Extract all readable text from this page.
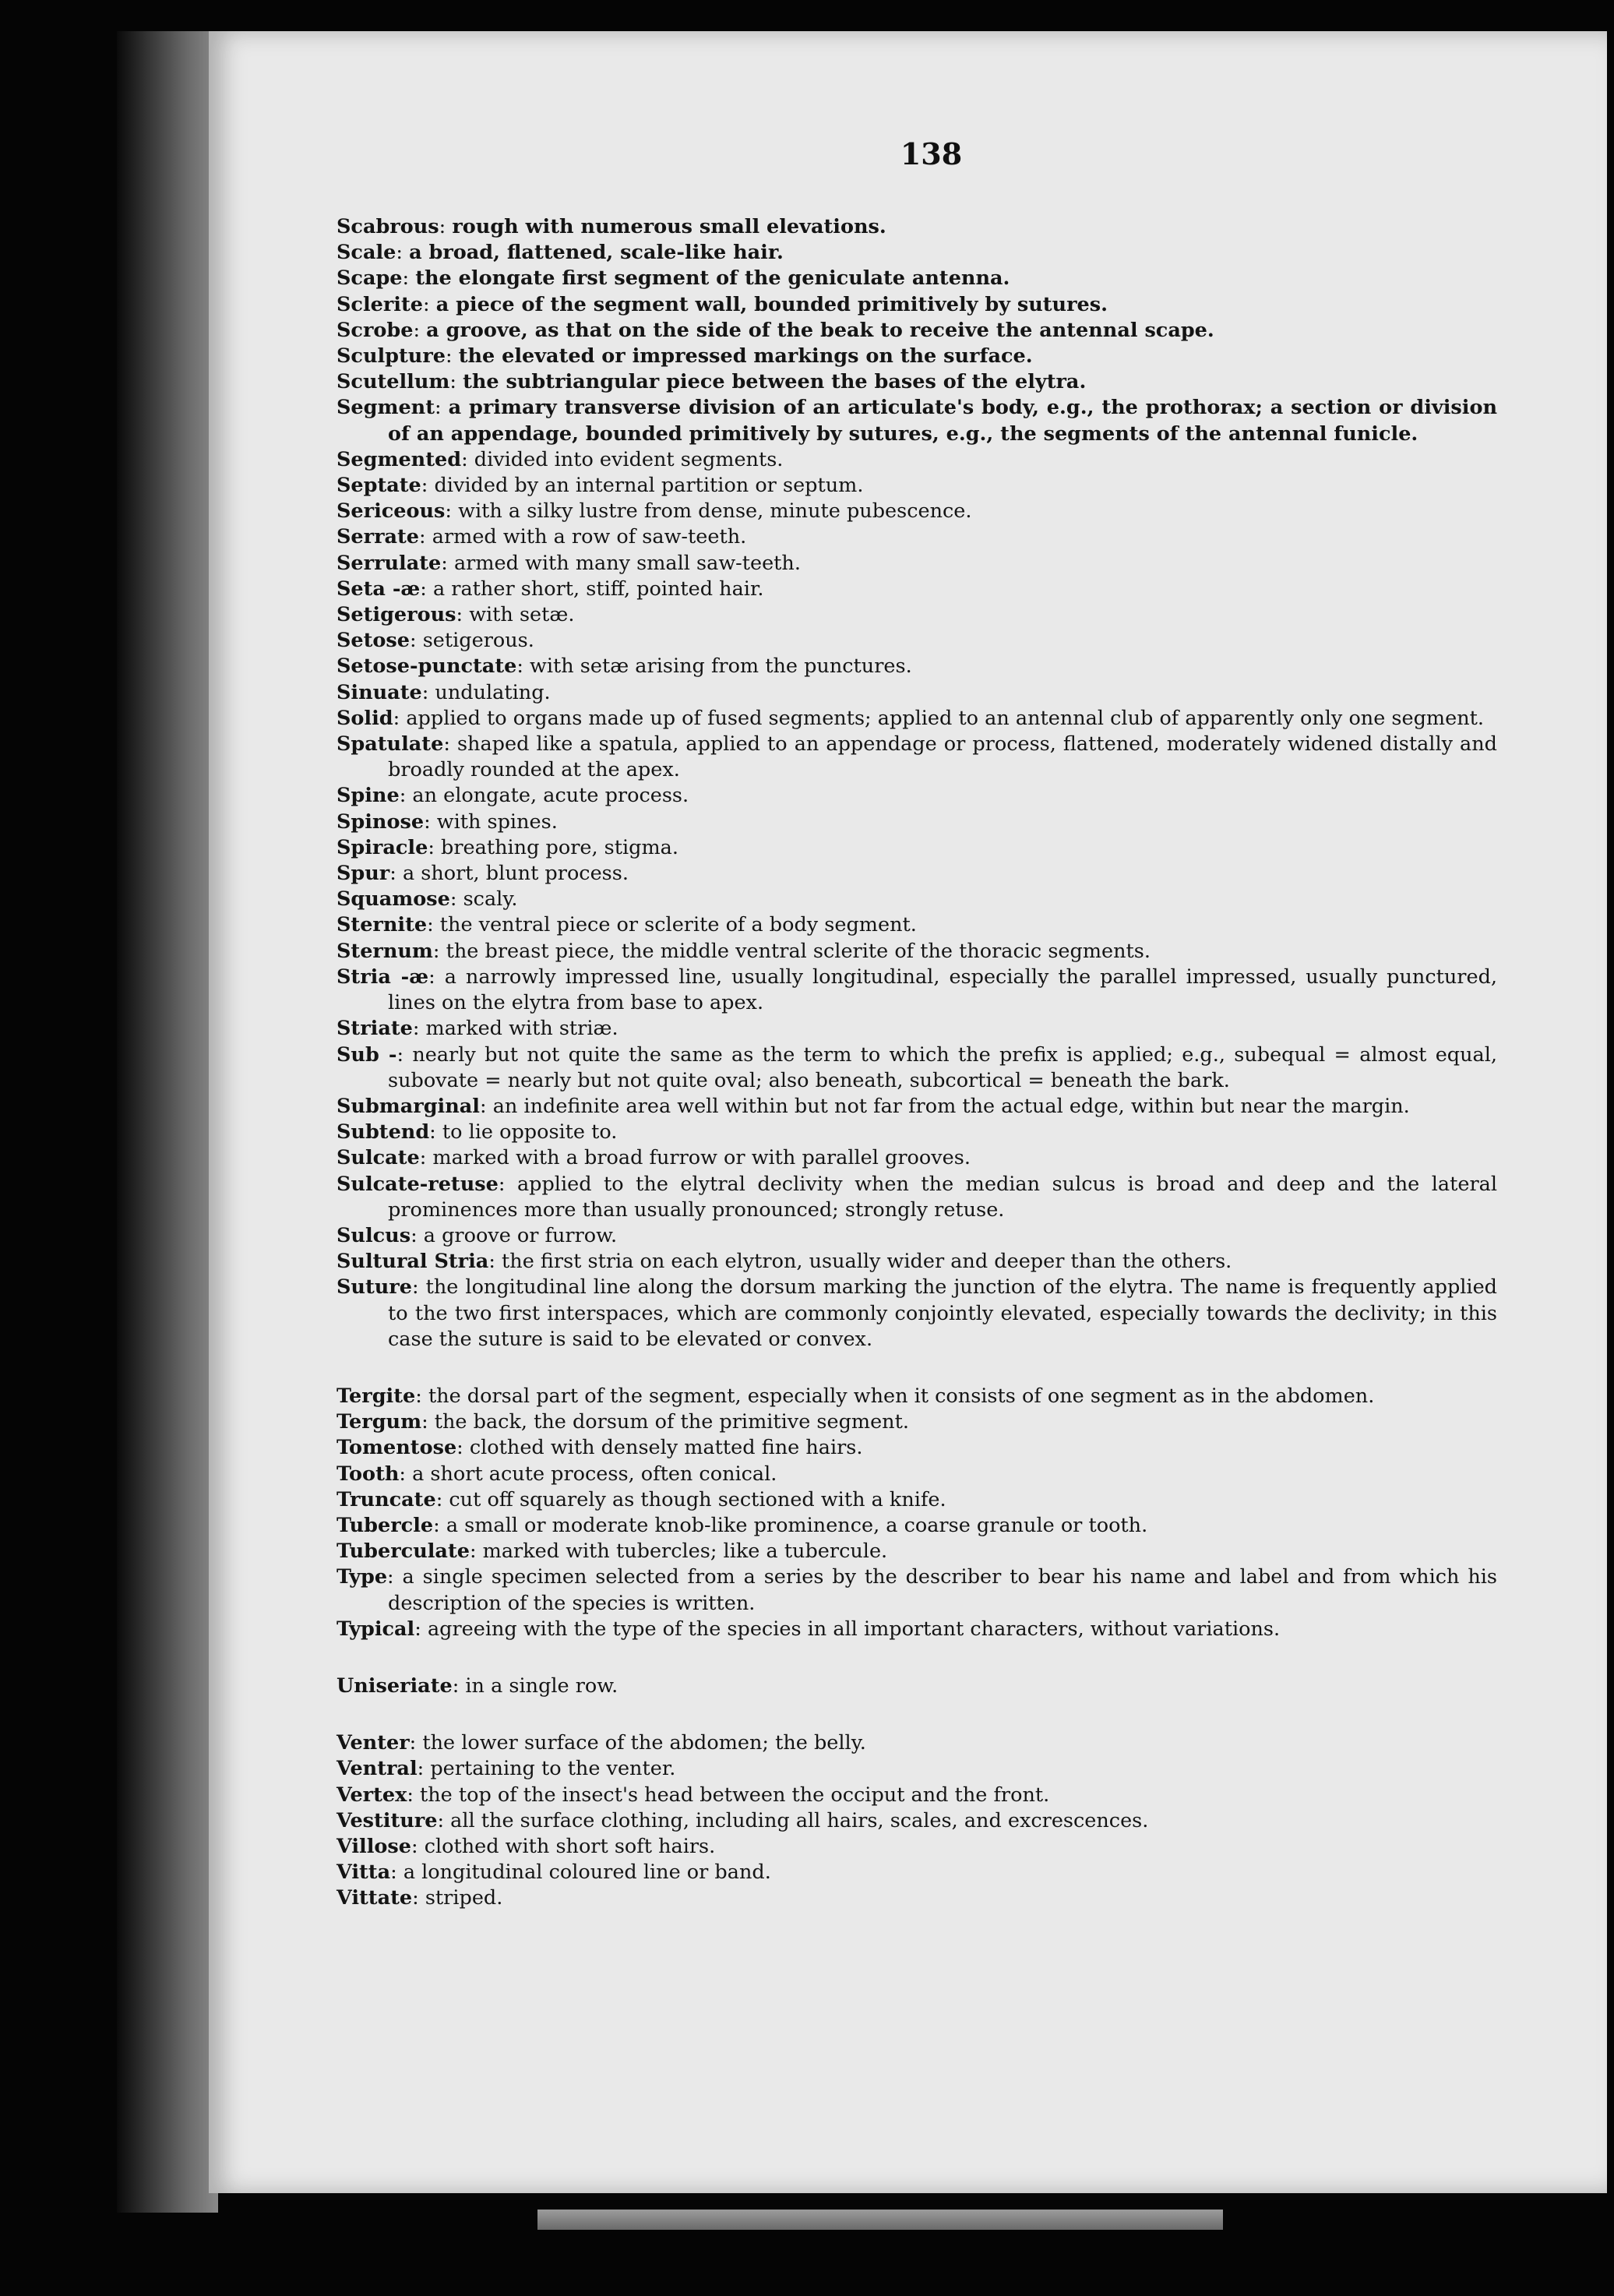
138

Scabrous: rough with numerous small elevations.

Scale: a broad, flattened, scale-like hair.

Scape: the elongate first segment of the geniculate antenna.

Sclerite: a piece of the segment wall, bounded primitively by sutures.

Scrobe: a groove, as that on the side of the beak to receive the antennal scape.

Sculpture: the elevated or impressed markings on the surface.

Scutellum: the subtriangular piece between the bases of the elytra.

Segment: a primary transverse division of an articulate's body, e.g., the prothorax; a section or division of an appendage, bounded primitively by sutures, e.g., the segments of the antennal funicle.

Segmented: divided into evident segments.

Septate: divided by an internal partition or septum.

Sericeous: with a silky lustre from dense, minute pubescence.

Serrate: armed with a row of saw-teeth.

Serrulate: armed with many small saw-teeth.

Seta -æ: a rather short, stiff, pointed hair.

Setigerous: with setæ.

Setose: setigerous.

Setose-punctate: with setæ arising from the punctures.

Sinuate: undulating.

Solid: applied to organs made up of fused segments; applied to an antennal club of apparently only one segment.

Spatulate: shaped like a spatula, applied to an appendage or process, flattened, moderately widened distally and broadly rounded at the apex.

Spine: an elongate, acute process.

Spinose: with spines.

Spiracle: breathing pore, stigma.

Spur: a short, blunt process.

Squamose: scaly.

Sternite: the ventral piece or sclerite of a body segment.

Sternum: the breast piece, the middle ventral sclerite of the thoracic segments.

Stria -æ: a narrowly impressed line, usually longitudinal, especially the parallel impressed, usually punctured, lines on the elytra from base to apex.

Striate: marked with striæ.

Sub -: nearly but not quite the same as the term to which the prefix is applied; e.g., subequal = almost equal, subovate = nearly but not quite oval; also beneath, subcortical = beneath the bark.

Submarginal: an indefinite area well within but not far from the actual edge, within but near the margin.

Subtend: to lie opposite to.

Sulcate: marked with a broad furrow or with parallel grooves.

Sulcate-retuse: applied to the elytral declivity when the median sulcus is broad and deep and the lateral prominences more than usually pronounced; strongly retuse.

Sulcus: a groove or furrow.

Sultural Stria: the first stria on each elytron, usually wider and deeper than the others.

Suture: the longitudinal line along the dorsum marking the junction of the elytra. The name is frequently applied to the two first interspaces, which are commonly conjointly elevated, especially towards the declivity; in this case the suture is said to be elevated or convex.

Tergite: the dorsal part of the segment, especially when it consists of one segment as in the abdomen.

Tergum: the back, the dorsum of the primitive segment.

Tomentose: clothed with densely matted fine hairs.

Tooth: a short acute process, often conical.

Truncate: cut off squarely as though sectioned with a knife.

Tubercle: a small or moderate knob-like prominence, a coarse granule or tooth.

Tuberculate: marked with tubercles; like a tubercule.

Type: a single specimen selected from a series by the describer to bear his name and label and from which his description of the species is written.

Typical: agreeing with the type of the species in all important characters, without variations.

Uniseriate: in a single row.

Venter: the lower surface of the abdomen; the belly.

Ventral: pertaining to the venter.

Vertex: the top of the insect's head between the occiput and the front.

Vestiture: all the surface clothing, including all hairs, scales, and excrescences.

Villose: clothed with short soft hairs.

Vitta: a longitudinal coloured line or band.

Vittate: striped.
